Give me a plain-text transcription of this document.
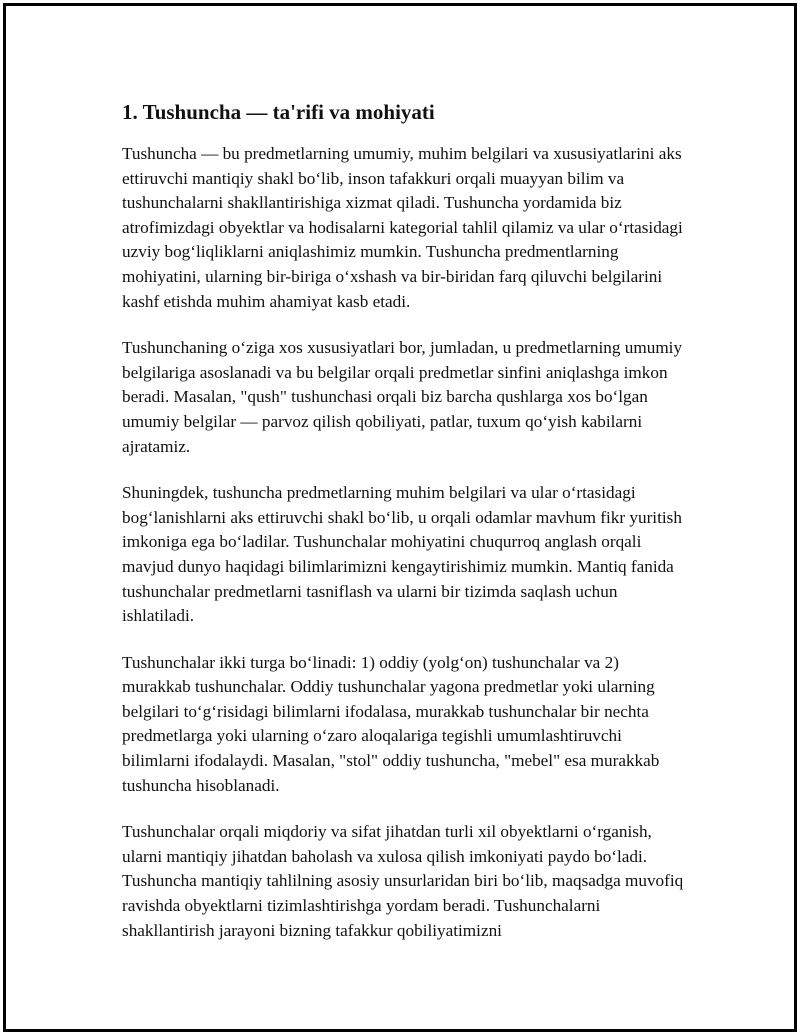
1. Tushuncha — ta'rifi va mohiyati

Tushuncha — bu predmetlarning umumiy, muhim belgilari va xususiyatlarini aks ettiruvchi mantiqiy shakl bo‘lib, inson tafakkuri orqali muayyan bilim va tushunchalarni shakllantirishiga xizmat qiladi. Tushuncha yordamida biz atrofimizdagi obyektlar va hodisalarni kategorial tahlil qilamiz va ular o‘rtasidagi uzviy bog‘liqliklarni aniqlashimiz mumkin. Tushuncha predmentlarning mohiyatini, ularning bir-biriga o‘xshash va bir-biridan farq qiluvchi belgilarini kashf etishda muhim ahamiyat kasb etadi.

Tushunchaning o‘ziga xos xususiyatlari bor, jumladan, u predmetlarning umumiy belgilariga asoslanadi va bu belgilar orqali predmetlar sinfini aniqlashga imkon beradi. Masalan, "qush" tushunchasi orqali biz barcha qushlarga xos bo‘lgan umumiy belgilar — parvoz qilish qobiliyati, patlar, tuxum qo‘yish kabilarni ajratamiz.

Shuningdek, tushuncha predmetlarning muhim belgilari va ular o‘rtasidagi bog‘lanishlarni aks ettiruvchi shakl bo‘lib, u orqali odamlar mavhum fikr yuritish imkoniga ega bo‘ladilar. Tushunchalar mohiyatini chuqurroq anglash orqali mavjud dunyo haqidagi bilimlarimizni kengaytirishimiz mumkin. Mantiq fanida tushunchalar predmetlarni tasniflash va ularni bir tizimda saqlash uchun ishlatiladi.

Tushunchalar ikki turga bo‘linadi: 1) oddiy (yolg‘on) tushunchalar va 2) murakkab tushunchalar. Oddiy tushunchalar yagona predmetlar yoki ularning belgilari to‘g‘risidagi bilimlarni ifodalasa, murakkab tushunchalar bir nechta predmetlarga yoki ularning o‘zaro aloqalariga tegishli umumlashtiruvchi bilimlarni ifodalaydi. Masalan, "stol" oddiy tushuncha, "mebel" esa murakkab tushuncha hisoblanadi.

Tushunchalar orqali miqdoriy va sifat jihatdan turli xil obyektlarni o‘rganish, ularni mantiqiy jihatdan baholash va xulosa qilish imkoniyati paydo bo‘ladi. Tushuncha mantiqiy tahlilning asosiy unsurlaridan biri bo‘lib, maqsadga muvofiq ravishda obyektlarni tizimlashtirishga yordam beradi. Tushunchalarni shakllantirish jarayoni bizning tafakkur qobiliyatimizni
